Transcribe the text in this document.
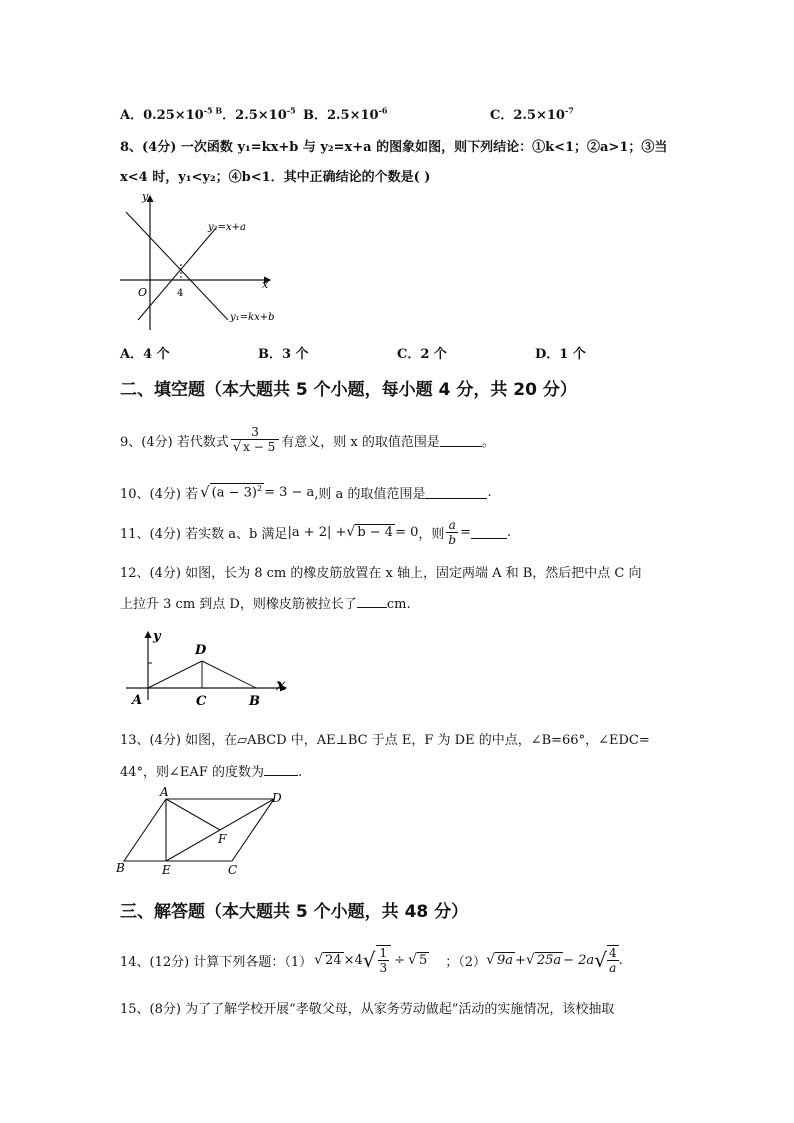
A．$0.25\times 10^{-5 B}$．$2.5\times 10^{-5}$ B．$2.5\times 10^{-6}$	C．$2.5\times 10^{-7}$
8、(4分) 一次函数 y₁=kx+b 与 y₂=x+a 的图象如图，则下列结论：①k<1；②a>1；③当
x<4 时，y₁<y₂；④b<1．其中正确结论的个数是( )
y
x
O	4
y₂=x+a
y₁=kx+b
A．4 个	B．3 个	C．2 个	D．1 个
二、填空题（本大题共 5 个小题，每小题 4 分，共 20 分）
9、(4分) 若代数式 $\frac{3}{√ x - 5}$ 有意义，则 x 的取值范围是	。
10、(4分) 若 √ $(a - 3)^2 = 3 - a$ ,则 a 的取值范围是	.
11、(4分) 若实数 a、b 满足 |a + 2| + √ b − 4 = 0 ，则 $\frac{a}{b}$ =	.
12、(4分) 如图，长为 8 cm 的橡皮筋放置在 x 轴上，固定两端 A 和 B，然后把中点 C 向
上拉升 3 cm 到点 D，则橡皮筋被拉长了 cm.
y
x
A	C	B
D
13、(4分) 如图，在▱ABCD 中，AE⊥BC 于点 E，F 为 DE 的中点，∠B=66°，∠EDC=
44°，则∠EAF 的度数为	.
A	D
B	E	C
F
三、解答题（本大题共 5 个小题，共 48 分）
14、(12分) 计算下列各题：（1） √ 24 ×4 √ $\frac{1}{3}$ ÷ √ 5 ；（2） √ 9a + √ 25a − 2a √ $\frac{4}{a}$ .
15、(8分) 为了了解学校开展“孝敬父母，从家务劳动做起”活动的实施情况，该校抽取
